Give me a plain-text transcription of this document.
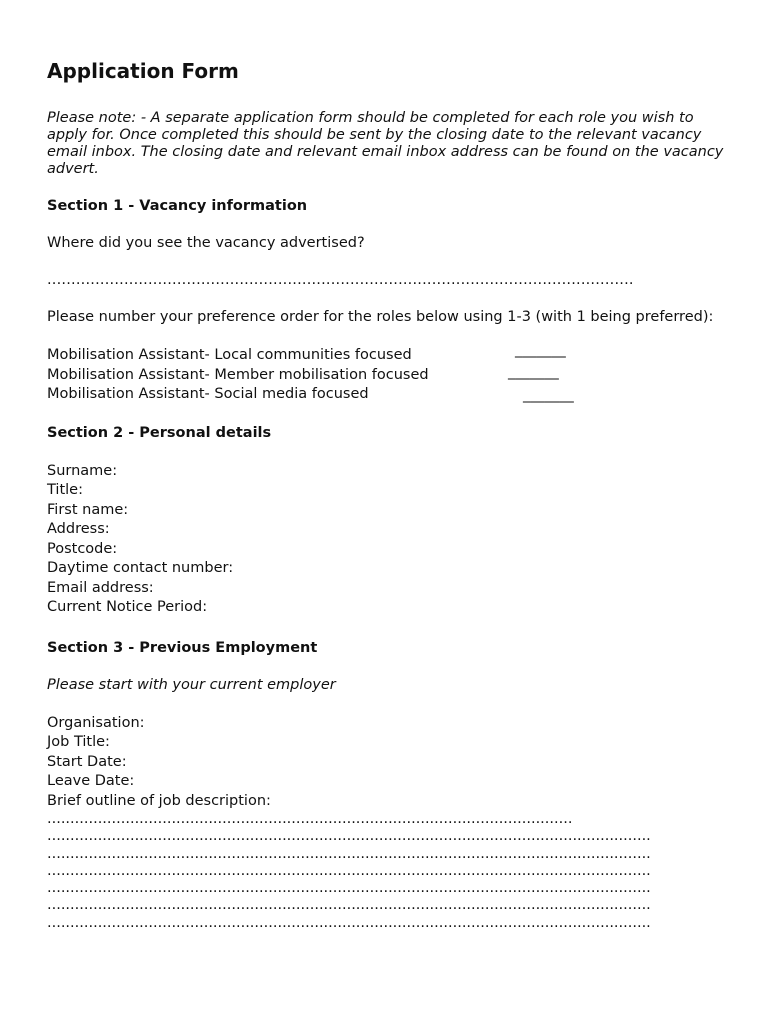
Application Form
Please note: - A separate application form should be completed for each role you wish to apply for. Once completed this should be sent by the closing date to the relevant vacancy email inbox. The closing date and relevant email inbox address can be found on the vacancy advert.
Section 1 - Vacancy information
Where did you see the vacancy advertised?
..........................................................................................................................
Please number your preference order for the roles below using 1-3 (with 1 being preferred):
Mobilisation Assistant- Local communities focused	_______
Mobilisation Assistant- Member mobilisation focused	_______
Mobilisation Assistant- Social media focused	_______
Section 2 - Personal details
Surname:
Title:
First name:
Address:
Postcode:
Daytime contact number:
Email address:
Current Notice Period:
Section 3 - Previous Employment
Please start with your current employer
Organisation:
Job Title:
Start Date:
Leave Date:
Brief outline of job description:
..................................................................................................................
...................................................................................................................................
...................................................................................................................................
...................................................................................................................................
...................................................................................................................................
...................................................................................................................................
...................................................................................................................................
